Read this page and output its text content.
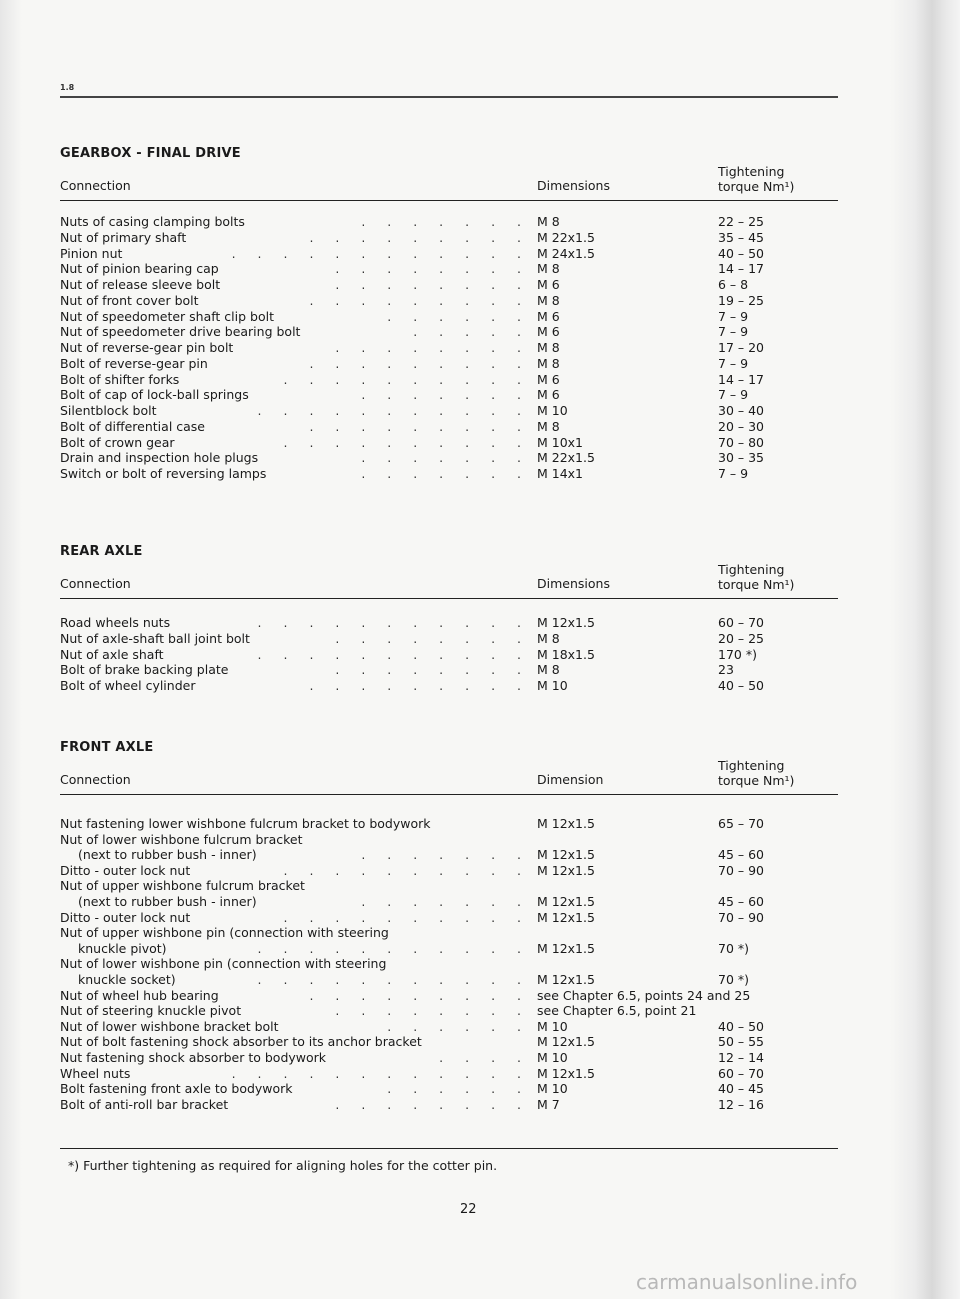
1.8
GEARBOX - FINAL DRIVE
Connection	Dimensions
Tightening
torque Nm¹)
Nuts of casing clamping bolts	. . . . . . . M 8	22 – 25
Nut of primary shaft	. . . . . . . . . M 22x1.5	35 – 45
Pinion nut	. . . . . . . . . . . . M 24x1.5	40 – 50
Nut of pinion bearing cap	. . . . . . . . M 8	14 – 17
Nut of release sleeve bolt	. . . . . . . . M 6	6 – 8
Nut of front cover bolt	. . . . . . . . . M 8	19 – 25
Nut of speedometer shaft clip bolt	. . . . . . M 6	7 – 9
Nut of speedometer drive bearing bolt	. . . . . M 6	7 – 9
Nut of reverse-gear pin bolt	. . . . . . . . M 8	17 – 20
Bolt of reverse-gear pin	. . . . . . . . . M 8	7 – 9
Bolt of shifter forks	. . . . . . . . . . M 6	14 – 17
Bolt of cap of lock-ball springs	. . . . . . . M 6	7 – 9
Silentblock bolt	. . . . . . . . . . . M 10	30 – 40
Bolt of differential case	. . . . . . . . . M 8	20 – 30
Bolt of crown gear	. . . . . . . . . . M 10x1	70 – 80
Drain and inspection hole plugs	. . . . . . . M 22x1.5	30 – 35
Switch or bolt of reversing lamps	. . . . . . . M 14x1	7 – 9
REAR AXLE
Connection	Dimensions
Tightening
torque Nm¹)
Road wheels nuts	. . . . . . . . . . . M 12x1.5	60 – 70
Nut of axle-shaft ball joint bolt	. . . . . . . . M 8	20 – 25
Nut of axle shaft	. . . . . . . . . . . M 18x1.5	170 *)
Bolt of brake backing plate	. . . . . . . . M 8	23
Bolt of wheel cylinder	. . . . . . . . . M 10	40 – 50
FRONT AXLE
Connection	Dimension
Tightening
torque Nm¹)
Nut fastening lower wishbone fulcrum bracket to bodywork	M 12x1.5	65 – 70
Nut of lower wishbone fulcrum bracket
(next to rubber bush - inner)	. . . . . . . M 12x1.5	45 – 60
Ditto - outer lock nut	. . . . . . . . . . M 12x1.5	70 – 90
Nut of upper wishbone fulcrum bracket
(next to rubber bush - inner)	. . . . . . . M 12x1.5	45 – 60
Ditto - outer lock nut	. . . . . . . . . . M 12x1.5	70 – 90
Nut of upper wishbone pin (connection with steering
knuckle pivot)	. . . . . . . . . . . M 12x1.5	70 *)
Nut of lower wishbone pin (connection with steering
knuckle socket)	. . . . . . . . . . . M 12x1.5	70 *)
Nut of wheel hub bearing	. . . . . . . . . see Chapter 6.5, points 24 and 25
Nut of steering knuckle pivot	. . . . . . . . see Chapter 6.5, point 21
Nut of lower wishbone bracket bolt	. . . . . . M 10	40 – 50
Nut of bolt fastening shock absorber to its anchor bracket	M 12x1.5	50 – 55
Nut fastening shock absorber to bodywork	. . . . M 10	12 – 14
Wheel nuts	. . . . . . . . . . . . M 12x1.5	60 – 70
Bolt fastening front axle to bodywork	. . . . . . M 10	40 – 45
Bolt of anti-roll bar bracket	. . . . . . . . M 7	12 – 16
*) Further tightening as required for aligning holes for the cotter pin.
22
carmanualsonline.info
